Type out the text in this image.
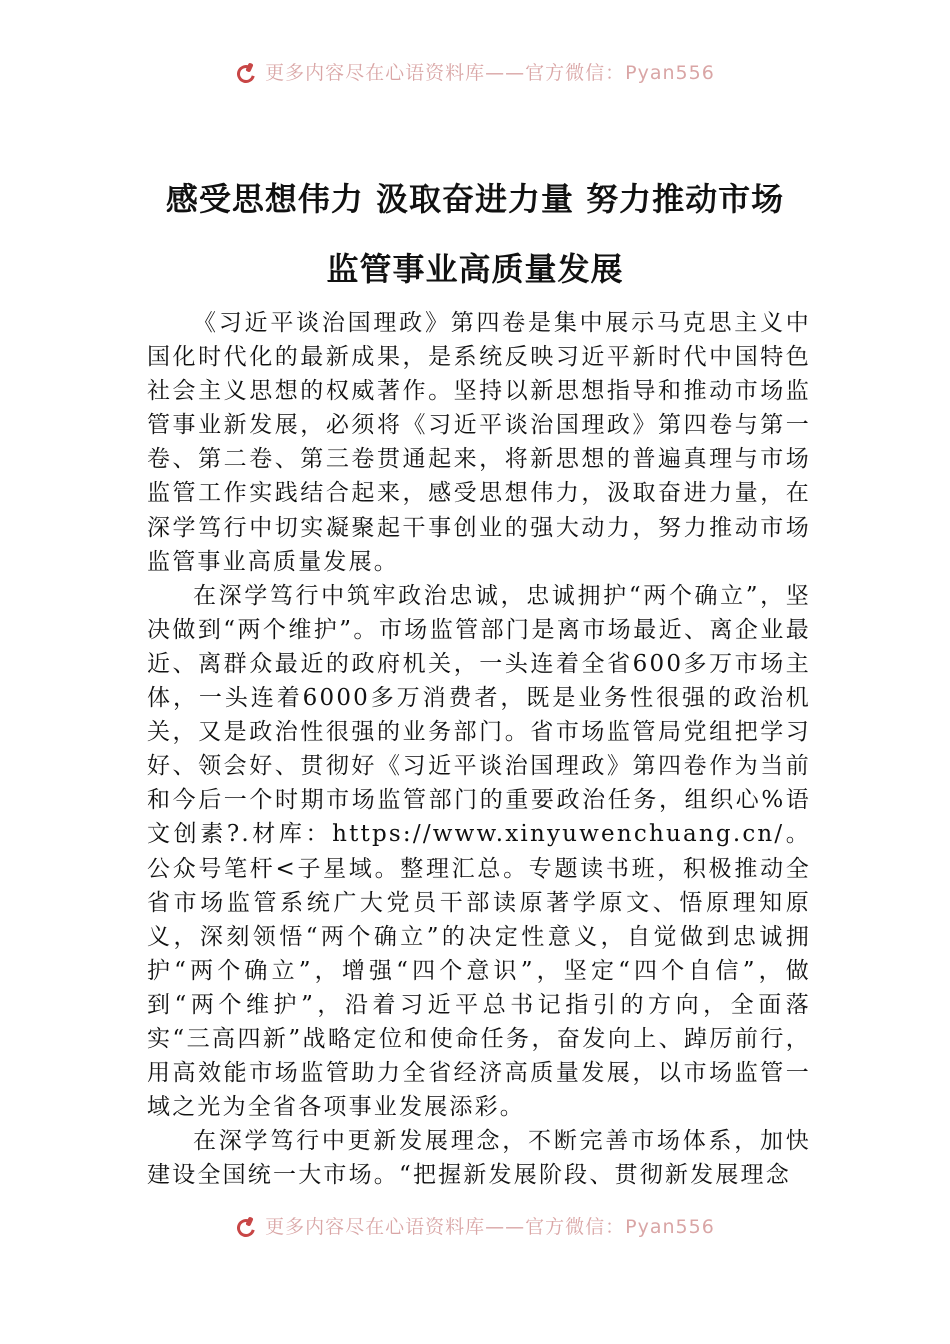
更多内容尽在心语资料库——官方微信：Pyan556
感受思想伟力 汲取奋进力量 努力推动市场
监管事业高质量发展

《习近平谈治国理政》第四卷是集中展示马克思主义中国化时代化的最新成果，是系统反映习近平新时代中国特色社会主义思想的权威著作。坚持以新思想指导和推动市场监管事业新发展，必须将《习近平谈治国理政》第四卷与第一卷、第二卷、第三卷贯通起来，将新思想的普遍真理与市场监管工作实践结合起来，感受思想伟力，汲取奋进力量，在深学笃行中切实凝聚起干事创业的强大动力，努力推动市场监管事业高质量发展。

在深学笃行中筑牢政治忠诚，忠诚拥护“两个确立”，坚决做到“两个维护”。市场监管部门是离市场最近、离企业最近、离群众最近的政府机关，一头连着全省600多万市场主体，一头连着6000多万消费者，既是业务性很强的政治机关，又是政治性很强的业务部门。省市场监管局党组把学习好、领会好、贯彻好《习近平谈治国理政》第四卷作为当前和今后一个时期市场监管部门的重要政治任务，组织心%语文创素?.材库：https://www.xinyuwenchuang.cn/。公众号笔杆<子星域。整理汇总。专题读书班，积极推动全省市场监管系统广大党员干部读原著学原文、悟原理知原义，深刻领悟“两个确立”的决定性意义，自觉做到忠诚拥护“两个确立”，增强“四个意识”，坚定“四个自信”，做到“两个维护”，沿着习近平总书记指引的方向，全面落实“三高四新”战略定位和使命任务，奋发向上、踔厉前行，用高效能市场监管助力全省经济高质量发展，以市场监管一域之光为全省各项事业发展添彩。

在深学笃行中更新发展理念，不断完善市场体系，加快建设全国统一大市场。“把握新发展阶段、贯彻新发展理念

更多内容尽在心语资料库——官方微信：Pyan556
